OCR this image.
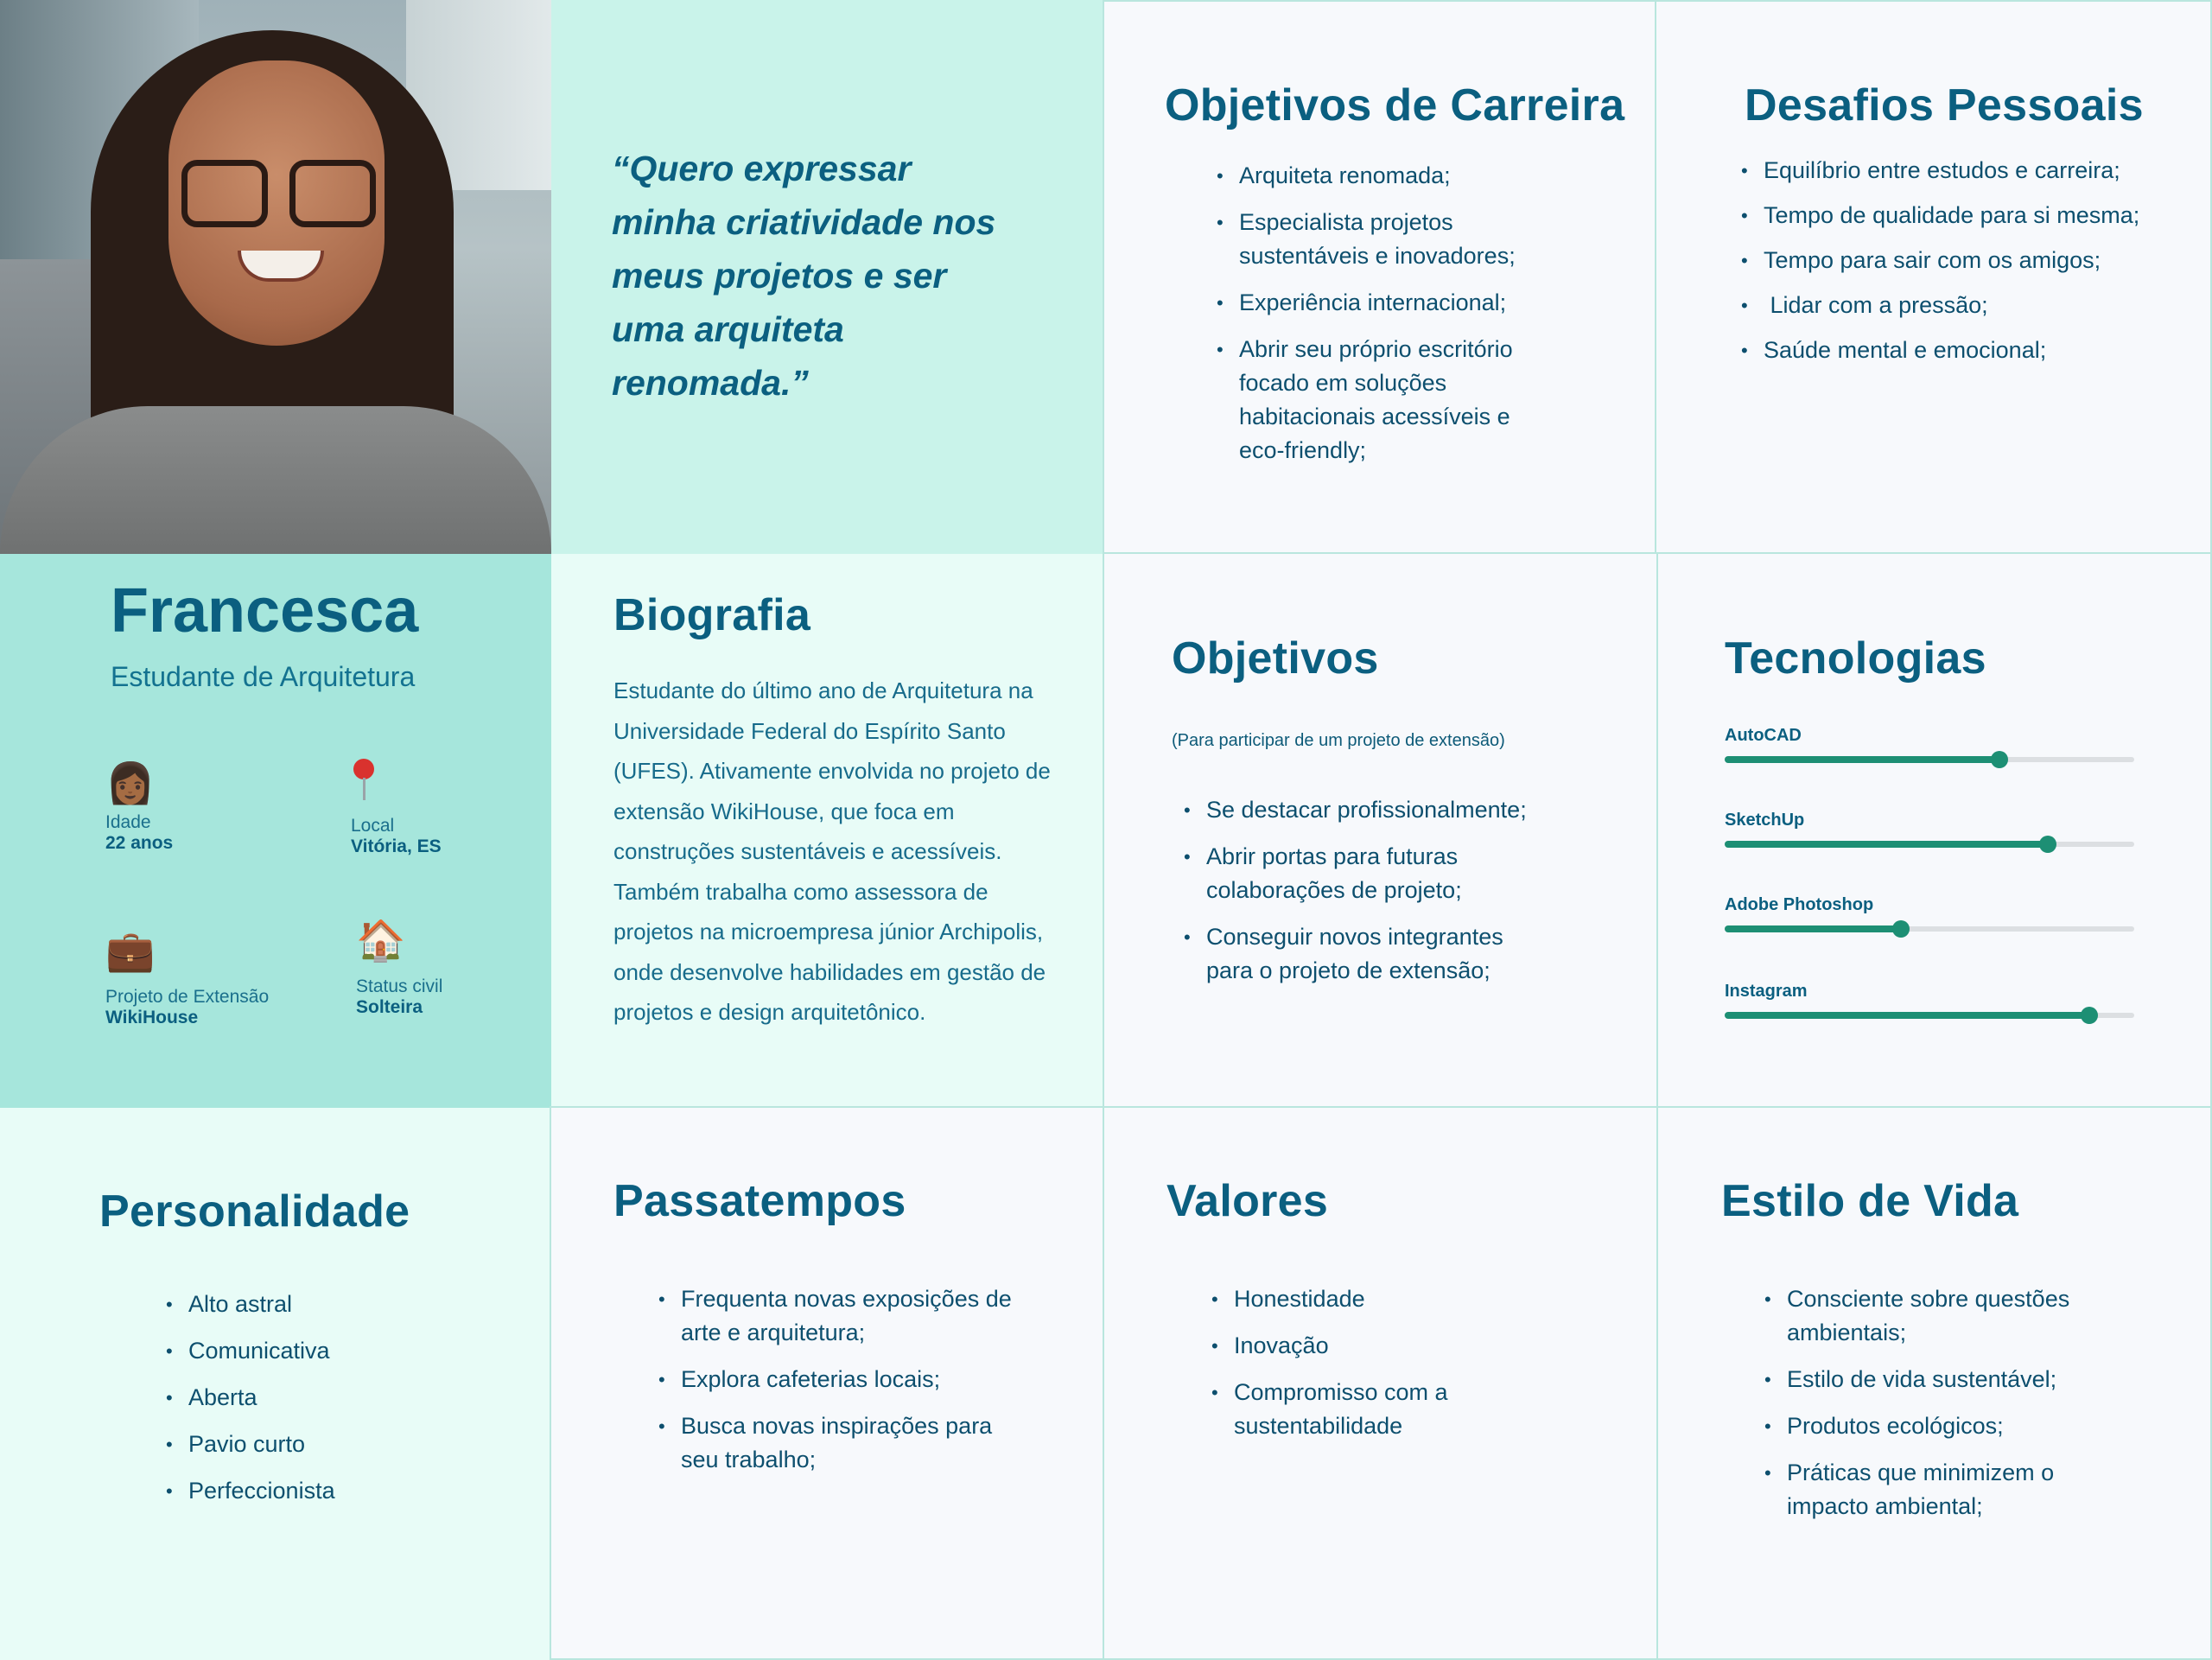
“Quero expressar minha criatividade nos meus projetos e ser uma arquiteta renomada.”

Objetivos de Carreira
• Arquiteta renomada;
• Especialista projetos sustentáveis e inovadores;
• Experiência internacional;
• Abrir seu próprio escritório focado em soluções habitacionais acessíveis e eco-friendly;
Desafios Pessoais
• Equilíbrio entre estudos e carreira;
• Tempo de qualidade para si mesma;
• Tempo para sair com os amigos;
•  Lidar com a pressão;
• Saúde mental e emocional;
Francesca

Estudante de Arquitetura

👩🏾
Idade
22 anos
Local
Vitória, ES
💼
Projeto de Extensão
WikiHouse
🏠
Status civil
Solteira
Biografia

Estudante do último ano de Arquitetura na Universidade Federal do Espírito Santo (UFES). Ativamente envolvida no projeto de extensão WikiHouse, que foca em construções sustentáveis e acessíveis. Também trabalha como assessora de projetos na microempresa júnior Archipolis, onde desenvolve habilidades em gestão de projetos e design arquitetônico.

Objetivos

(Para participar de um projeto de extensão)

• Se destacar profissionalmente;
• Abrir portas para futuras colaborações de projeto;
• Conseguir novos integrantes para o projeto de extensão;
Tecnologias
AutoCAD
SketchUp
Adobe Photoshop
Instagram
Personalidade
• Alto astral
• Comunicativa
• Aberta
• Pavio curto
• Perfeccionista
Passatempos
• Frequenta novas exposições de arte e arquitetura;
• Explora cafeterias locais;
• Busca novas inspirações para seu trabalho;
Valores
• Honestidade
• Inovação
• Compromisso com a sustentabilidade
Estilo de Vida
• Consciente sobre questões ambientais;
• Estilo de vida sustentável;
• Produtos ecológicos;
• Práticas que minimizem o impacto ambiental;
